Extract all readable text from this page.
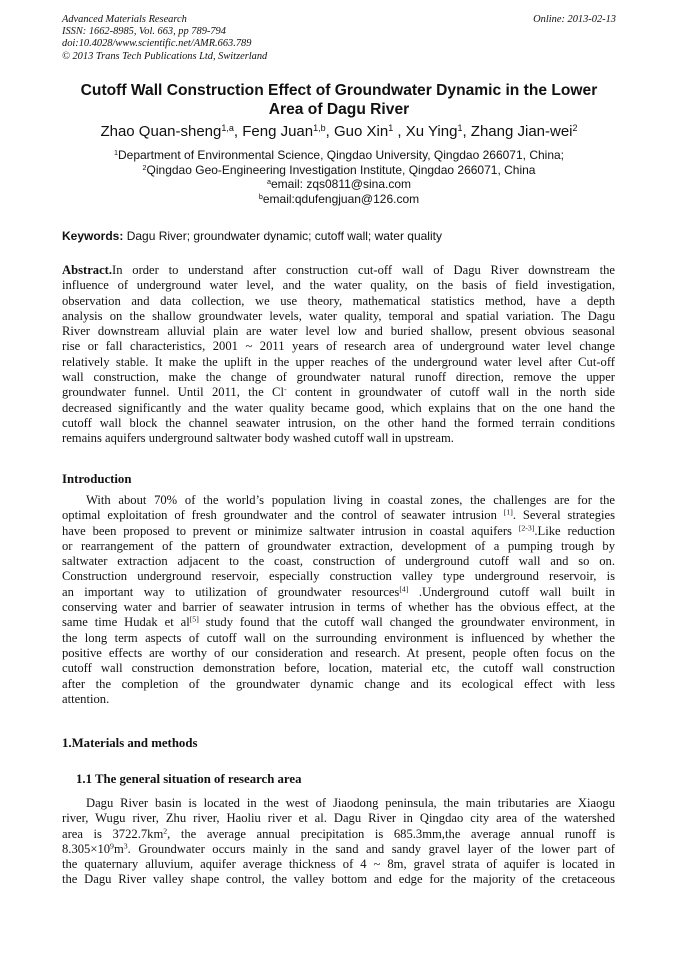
Advanced Materials Research
ISSN: 1662-8985, Vol. 663, pp 789-794
doi:10.4028/www.scientific.net/AMR.663.789
© 2013 Trans Tech Publications Ltd, Switzerland
Online: 2013-02-13
Cutoff Wall Construction Effect of Groundwater Dynamic in the Lower
Area of Dagu River
Zhao Quan-sheng$^{1,a}$, Feng Juan$^{1,b}$, Guo Xin$^1$ , Xu Ying$^1$, Zhang Jian-wei$^2$
$^1$Department of Environmental Science, Qingdao University, Qingdao 266071, China;
$^2$Qingdao Geo-Engineering Investigation Institute, Qingdao 266071, China
$^a$email: zqs0811@sina.com
$^b$email:qdufengjuan@126.com
Keywords: Dagu River; groundwater dynamic; cutoff wall; water quality
Abstract.In order to understand after construction cut-off wall of Dagu River downstream the
influence of underground water level, and the water quality, on the basis of field investigation,
observation and data collection, we use theory, mathematical statistics method, have a depth
analysis on the shallow groundwater levels, water quality, temporal and spatial variation. The Dagu
River downstream alluvial plain are water level low and buried shallow, present obvious seasonal
rise or fall characteristics, 2001 ~ 2011 years of research area of underground water level change
relatively stable. It make the uplift in the upper reaches of the underground water level after Cut-off
wall construction, make the change of groundwater natural runoff direction, remove the upper
groundwater funnel. Until 2011, the Cl- content in groundwater of cutoff wall in the north side
decreased significantly and the water quality became good, which explains that on the one hand the
cutoff wall block the channel seawater intrusion, on the other hand the formed terrain conditions
remains aquifers underground saltwater body washed cutoff wall in upstream.
Introduction
With about 70% of the world’s population living in coastal zones, the challenges are for the
optimal exploitation of fresh groundwater and the control of seawater intrusion [1]. Several strategies
have been proposed to prevent or minimize saltwater intrusion in coastal aquifers [2-3].Like reduction
or rearrangement of the pattern of groundwater extraction, development of a pumping trough by
saltwater extraction adjacent to the coast, construction of underground cutoff wall and so on.
Construction underground reservoir, especially construction valley type underground reservoir, is
an important way to utilization of groundwater resources[4] .Underground cutoff wall built in
conserving water and barrier of seawater intrusion in terms of whether has the obvious effect, at the
same time Hudak et al[5] study found that the cutoff wall changed the groundwater environment, in
the long term aspects of cutoff wall on the surrounding environment is influenced by whether the
positive effects are worthy of our consideration and research. At present, people often focus on the
cutoff wall construction demonstration before, location, material etc, the cutoff wall construction
after the completion of the groundwater dynamic change and its ecological effect with less
attention.
1.Materials and methods
1.1 The general situation of research area
Dagu River basin is located in the west of Jiaodong peninsula, the main tributaries are Xiaogu
river, Wugu river, Zhu river, Haoliu river et al. Dagu River in Qingdao city area of the watershed
area is $3722.7km^2$, the average annual precipitation is 685.3mm,the average annual runoff is
$8.305\times 10^9m^3$. Groundwater occurs mainly in the sand and sandy gravel layer of the lower part of
the quaternary alluvium, aquifer average thickness of 4 ~ 8m, gravel strata of aquifer is located in
the Dagu River valley shape control, the valley bottom and edge for the majority of the cretaceous
